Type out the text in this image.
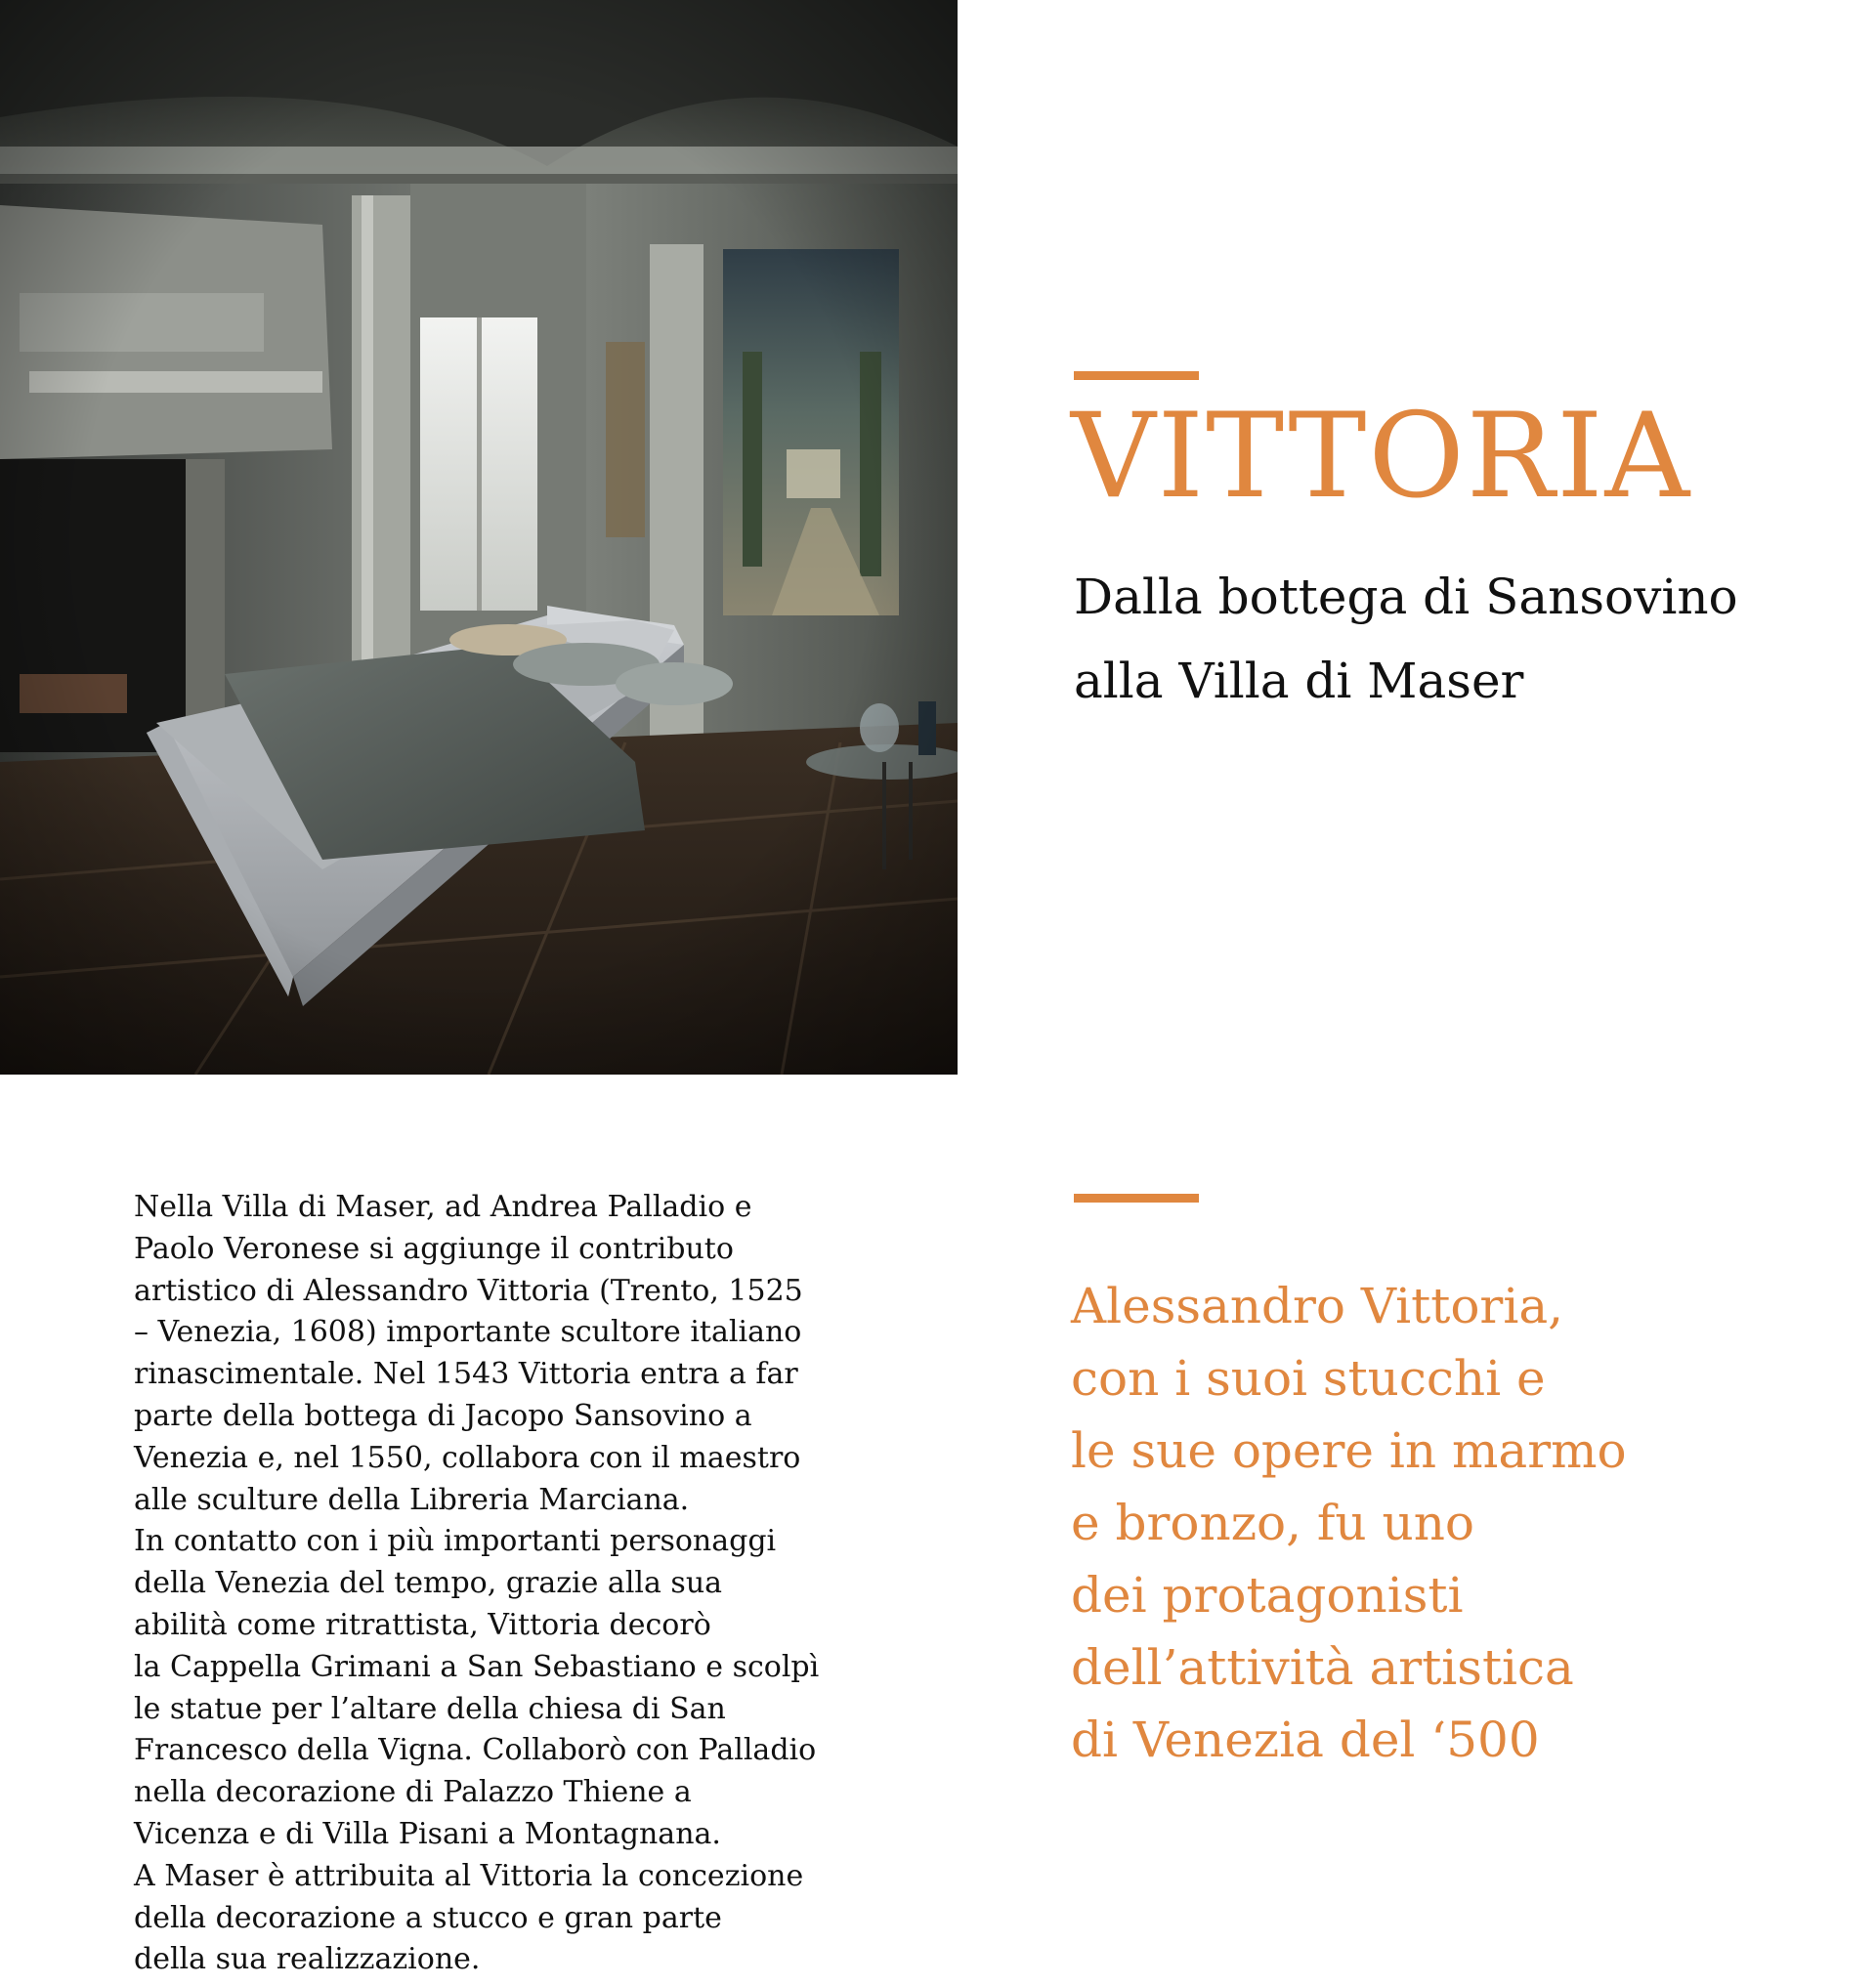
VITTORIA
Dalla bottega di Sansovino
alla Villa di Maser
Nella Villa di Maser, ad Andrea Palladio e
Paolo Veronese si aggiunge il contributo
artistico di Alessandro Vittoria (Trento, 1525
– Venezia, 1608) importante scultore italiano
rinascimentale. Nel 1543 Vittoria entra a far
parte della bottega di Jacopo Sansovino a
Venezia e, nel 1550, collabora con il maestro
alle sculture della Libreria Marciana.
In contatto con i più importanti personaggi
della Venezia del tempo, grazie alla sua
abilità come ritrattista, Vittoria decorò
la Cappella Grimani a San Sebastiano e scolpì
le statue per l’altare della chiesa di San
Francesco della Vigna. Collaborò con Palladio
nella decorazione di Palazzo Thiene a
Vicenza e di Villa Pisani a Montagnana.
A Maser è attribuita al Vittoria la concezione
della decorazione a stucco e gran parte
della sua realizzazione.
Alessandro Vittoria,
con i suoi stucchi e
le sue opere in marmo
e bronzo, fu uno
dei protagonisti
dell’attività artistica
di Venezia del ‘500
